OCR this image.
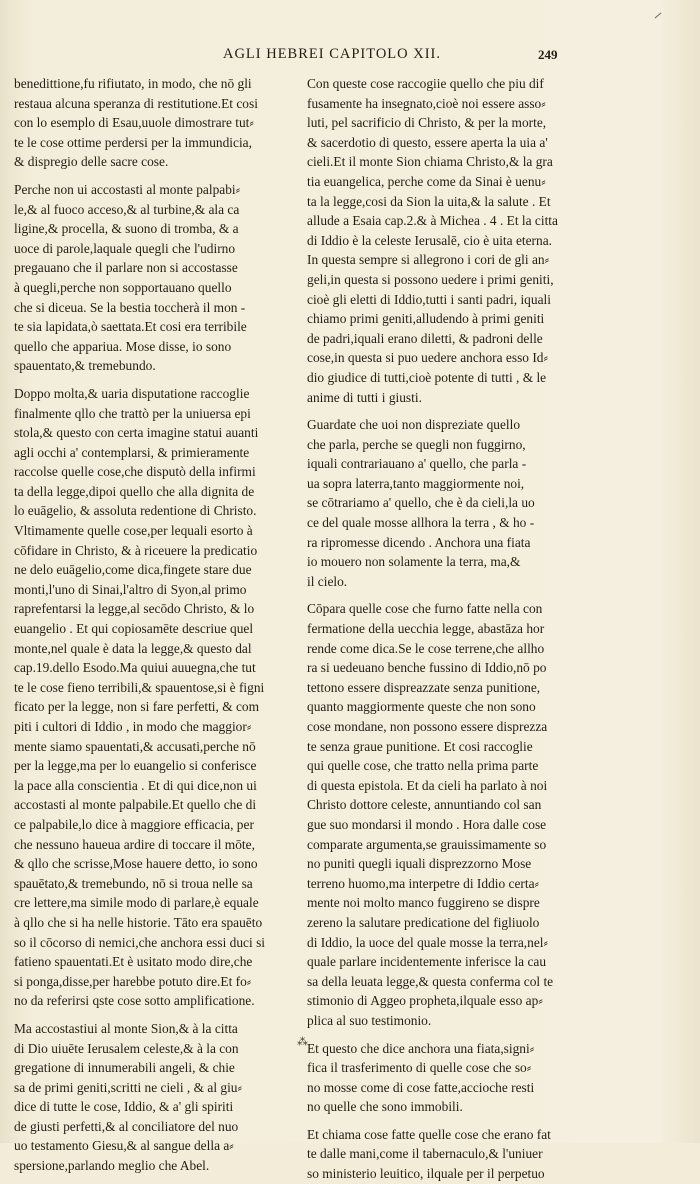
AGLI HEBREI CAPITOLO XII.	249
benedittione,fu rifiutato, in modo, che nō gli
restaua alcuna speranza di restitutione.Et cosi
con lo esemplo di Esau,uuole dimostrare tut⸗
te le cose ottime perdersi per la immundicia,
& dispregio delle sacre cose.
Perche non ui accostasti al monte palpabi⸗
le,& al fuoco acceso,& al turbine,& ala ca
ligine,& procella, & suono di tromba, & a
uoce di parole,laquale quegli che l'udirno
pregauano che il parlare non si accostasse
à quegli,perche non sopportauano quello
che si diceua. Se la bestia toccherà il mon -
te sia lapidata,ò saettata.Et cosi era terribile
quello che appariua. Mose disse, io sono
spauentato,& tremebundo.
Doppo molta,& uaria disputatione raccoglie
finalmente qllo che trattò per la uniuersa epi
stola,& questo con certa imagine statui auanti
agli occhi a' contemplarsi, & primieramente
raccolse quelle cose,che disputò della infirmi
ta della legge,dipoi quello che alla dignita de
lo euāgelio, & assoluta redentione di Christo.
Vltimamente quelle cose,per lequali esorto à
cōfidare in Christo, & à riceuere la predicatio
ne delo euāgelio,come dica,fingete stare due
monti,l'uno di Sinai,l'altro di Syon,al primo
raprefentarsi la legge,al secōdo Christo, & lo
euangelio . Et qui copiosamēte descriue quel
monte,nel quale è data la legge,& questo dal
cap.19.dello Esodo.Ma quiui auuegna,che tut
te le cose fieno terribili,& spauentose,si è figni
ficato per la legge, non si fare perfetti, & com
piti i cultori di Iddio , in modo che maggior⸗
mente siamo spauentati,& accusati,perche nō
per la legge,ma per lo euangelio si conferisce
la pace alla conscientia . Et di qui dice,non ui
accostasti al monte palpabile.Et quello che di
ce palpabile,lo dice à maggiore efficacia, per
che nessuno haueua ardire di toccare il mōte,
& qllo che scrisse,Mose hauere detto, io sono
spauētato,& tremebundo, nō si troua nelle sa
cre lettere,ma simile modo di parlare,è equale
à qllo che si ha nelle historie. Tāto era spauēto
so il cōcorso di nemici,che anchora essi duci si
fatieno spauentati.Et è usitato modo dire,che
si ponga,disse,per harebbe potuto dire.Et fo⸗
no da referirsi qste cose sotto amplificatione.
Ma accostastiui al monte Sion,& à la citta
di Dio uiuēte Ierusalem celeste,& à la con
gregatione di innumerabili angeli, & chie
sa de primi geniti,scritti ne cieli , & al giu⸗
dice di tutte le cose, Iddio, & a' gli spiriti
de giusti perfetti,& al conciliatore del nuo
uo testamento Giesu,& al sangue della a⸗
spersione,parlando meglio che Abel.
Con queste cose raccogiie quello che piu dif
fusamente ha insegnato,cioè noi essere asso⸗
luti, pel sacrificio di Christo, & per la morte,
& sacerdotio di questo, essere aperta la uia a'
cieli.Et il monte Sion chiama Christo,& la gra
tia euangelica, perche come da Sinai è uenu⸗
ta la legge,cosi da Sion la uita,& la salute . Et
allude a Esaia cap.2.& à Michea . 4 . Et la citta
di Iddio è la celeste Ierusalē, cio è uita eterna.
In questa sempre si allegrono i cori de gli an⸗
geli,in questa si possono uedere i primi geniti,
cioè gli eletti di Iddio,tutti i santi padri, iquali
chiamo primi geniti,alludendo à primi geniti
de padri,iquali erano diletti, & padroni delle
cose,in questa si puo uedere anchora esso Id⸗
dio giudice di tutti,cioè potente di tutti , & le
anime di tutti i giusti.
Guardate che uoi non dispreziate quello
che parla, perche se quegli non fuggirno,
iquali contrariauano a' quello, che parla -
ua sopra laterra,tanto maggiormente noi,
se cōtrariamo a' quello, che è da cieli,la uo
ce del quale mosse allhora la terra , & ho -
ra ripromesse dicendo . Anchora una fiata
io mouero non solamente la terra, ma,&
il cielo.
Cōpara quelle cose che furno fatte nella con
fermatione della uecchia legge, abastāza hor
rende come dica.Se le cose terrene,che allho
ra si uedeuano benche fussino di Iddio,nō po
tettono essere dispreazzate senza punitione,
quanto maggiormente queste che non sono
cose mondane, non possono essere disprezza
te senza graue punitione. Et cosi raccoglie
qui quelle cose, che tratto nella prima parte
di questa epistola. Et da cieli ha parlato à noi
Christo dottore celeste, annuntiando col san
gue suo mondarsi il mondo . Hora dalle cose
comparate argumenta,se grauissimamente so
no puniti quegli iquali disprezzorno Mose
terreno huomo,ma interpetre di Iddio certa⸗
mente noi molto manco fuggireno se dispre
zereno la salutare predicatione del figliuolo
di Iddio, la uoce del quale mosse la terra,nel⸗
quale parlare incidentemente inferisce la cau
sa della leuata legge,& questa conferma col te
stimonio di Aggeo propheta,ilquale esso ap⸗
plica al suo testimonio.
Et questo che dice anchora una fiata,signi⸗
fica il trasferimento di quelle cose che so⸗
no mosse come di cose fatte,accioche resti
no quelle che sono immobili.
Et chiama cose fatte quelle cose che erano fat
te dalle mani,come il tabernaculo,& l'uniuer
so ministerio leuitico, ilquale per il perpetuo
⁂
